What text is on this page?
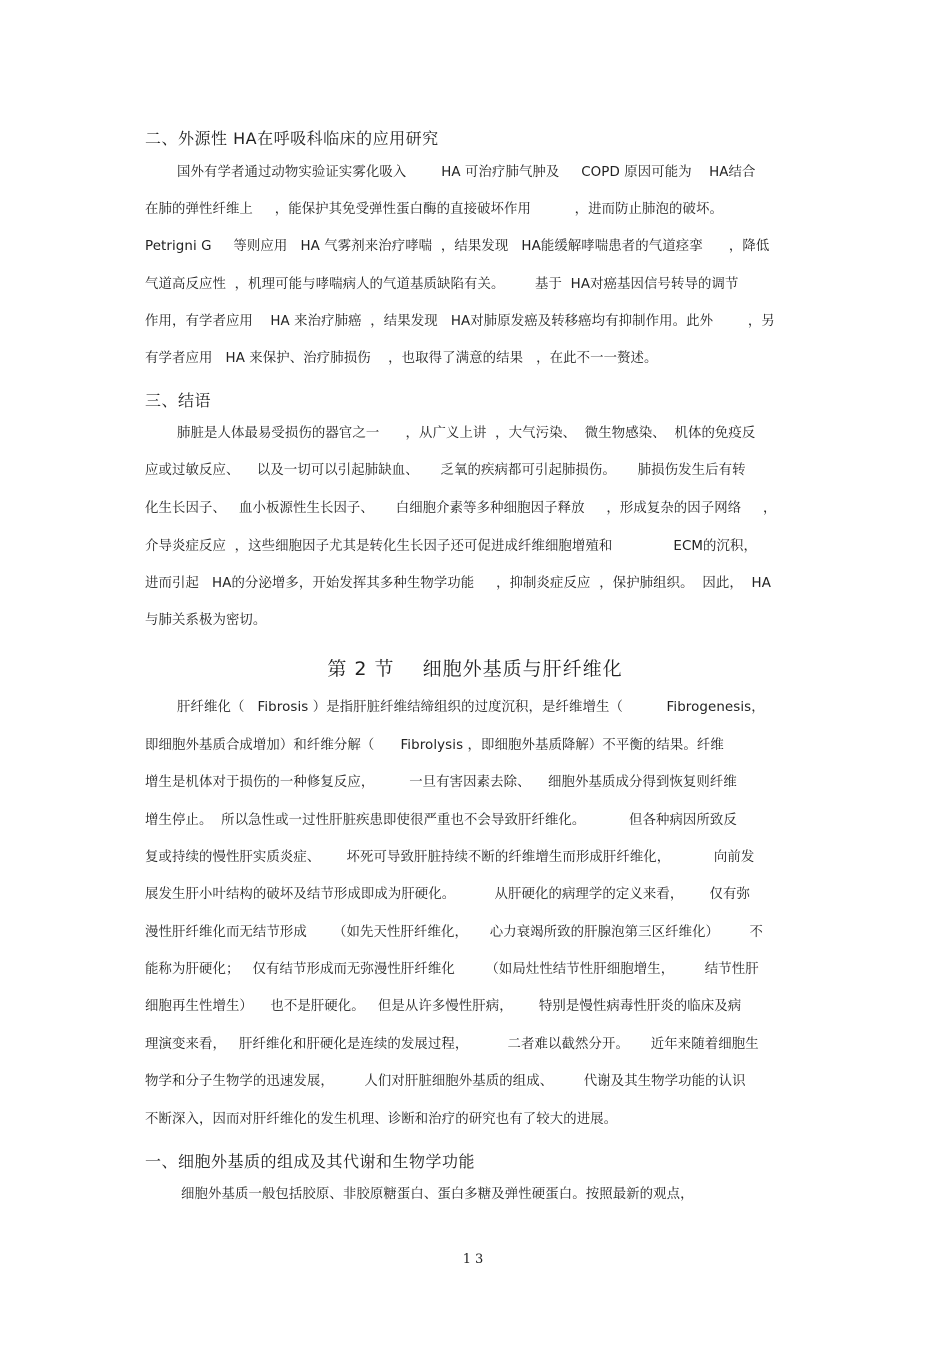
二、外源性 HA在呼吸科临床的应用研究
国外有学者通过动物实验证实雾化吸入        HA 可治疗肺气肿及     COPD 原因可能为    HA结合
在肺的弹性纤维上     ，能保护其免受弹性蛋白酶的直接破坏作用          ，进而防止肺泡的破坏。
Petrigni G     等则应用   HA 气雾剂来治疗哮喘  ，结果发现   HA能缓解哮喘患者的气道痉挛      ，降低
气道高反应性  ，机理可能与哮喘病人的气道基质缺陷有关。       基于  HA对癌基因信号转导的调节
作用，有学者应用    HA 来治疗肺癌  ，结果发现   HA对肺原发癌及转移癌均有抑制作用。此外        ，另
有学者应用   HA 来保护、治疗肺损伤    ，也取得了满意的结果   ，在此不一一赘述。
三、结语
肺脏是人体最易受损伤的器官之一      ，从广义上讲  ，大气污染、  微生物感染、  机体的免疫反
应或过敏反应、    以及一切可以引起肺缺血、     乏氧的疾病都可引起肺损伤。     肺损伤发生后有转
化生长因子、   血小板源性生长因子、     白细胞介素等多种细胞因子释放     ，形成复杂的因子网络     ，
介导炎症反应  ，这些细胞因子尤其是转化生长因子还可促进成纤维细胞增殖和              ECM的沉积，
进而引起   HA的分泌增多，开始发挥其多种生物学功能     ，抑制炎症反应  ，保护肺组织。  因此，  HA
与肺关系极为密切。
第 2 节    细胞外基质与肝纤维化
肝纤维化（   Fibrosis ）是指肝脏纤维结缔组织的过度沉积，是纤维增生（          Fibrogenesis，
即细胞外基质合成增加）和纤维分解（      Fibrolysis ，即细胞外基质降解）不平衡的结果。纤维
增生是机体对于损伤的一种修复反应，        一旦有害因素去除、    细胞外基质成分得到恢复则纤维
增生停止。  所以急性或一过性肝脏疾患即使很严重也不会导致肝纤维化。          但各种病因所致反
复或持续的慢性肝实质炎症、      坏死可导致肝脏持续不断的纤维增生而形成肝纤维化，          向前发
展发生肝小叶结构的破坏及结节形成即成为肝硬化。         从肝硬化的病理学的定义来看，      仅有弥
漫性肝纤维化而无结节形成      （如先天性肝纤维化，     心力衰竭所致的肝腺泡第三区纤维化）       不
能称为肝硬化；   仅有结节形成而无弥漫性肝纤维化       （如局灶性结节性肝细胞增生，       结节性肝
细胞再生性增生）    也不是肝硬化。   但是从许多慢性肝病，      特别是慢性病毒性肝炎的临床及病
理演变来看，   肝纤维化和肝硬化是连续的发展过程，         二者难以截然分开。     近年来随着细胞生
物学和分子生物学的迅速发展，       人们对肝脏细胞外基质的组成、       代谢及其生物学功能的认识
不断深入，因而对肝纤维化的发生机理、诊断和治疗的研究也有了较大的进展。
一、细胞外基质的组成及其代谢和生物学功能
细胞外基质一般包括胶原、非胶原糖蛋白、蛋白多糖及弹性硬蛋白。按照最新的观点，
13
